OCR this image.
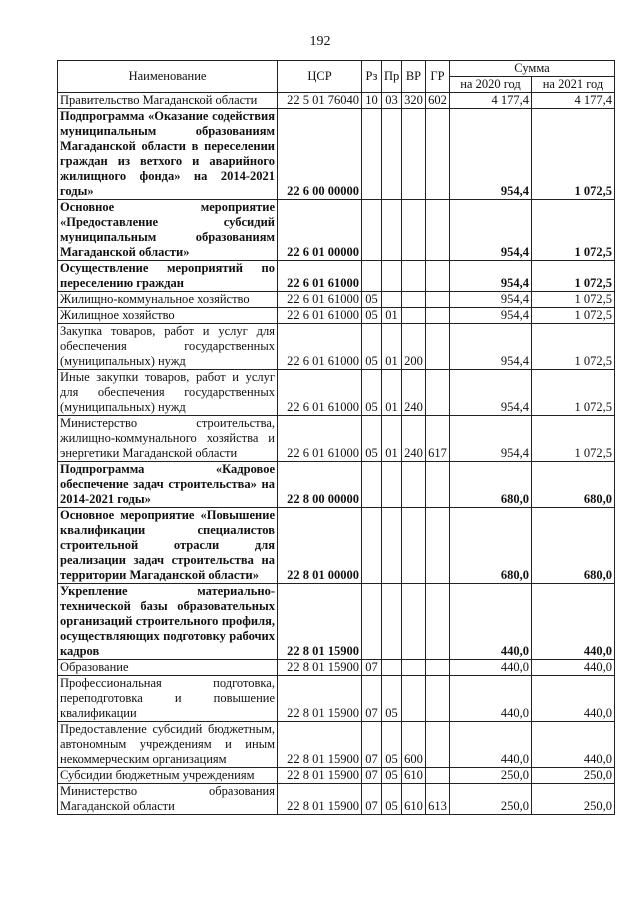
192
Наименование	ЦСР	Рз	Пр	ВР	ГР	Сумма	
						на 2020 год	на 2021 год
Правительство Магаданской области	22 5 01 76040	10	03	320	602	4 177,4	4 177,4
Подпрограмма «Оказание содействия муниципальным образованиям Магаданской области в переселении граждан из ветхого и аварийного жилищного фонда» на 2014-2021 годы»	22 6 00 00000					954,4	1 072,5
Основное мероприятие «Предоставление субсидий муниципальным образованиям Магаданской области»	22 6 01 00000					954,4	1 072,5
Осуществление мероприятий по переселению граждан	22 6 01 61000					954,4	1 072,5
Жилищно-коммунальное хозяйство	22 6 01 61000	05				954,4	1 072,5
Жилищное хозяйство	22 6 01 61000	05	01			954,4	1 072,5
Закупка товаров, работ и услуг для обеспечения государственных (муниципальных) нужд	22 6 01 61000	05	01	200		954,4	1 072,5
Иные закупки товаров, работ и услуг для обеспечения государственных (муниципальных) нужд	22 6 01 61000	05	01	240		954,4	1 072,5
Министерство строительства, жилищно-коммунального хозяйства и энергетики Магаданской области	22 6 01 61000	05	01	240	617	954,4	1 072,5
Подпрограмма «Кадровое обеспечение задач строительства» на 2014-2021 годы»	22 8 00 00000					680,0	680,0
Основное мероприятие «Повышение квалификации специалистов строительной отрасли для реализации задач строительства на территории Магаданской области»	22 8 01 00000					680,0	680,0
Укрепление материально-технической базы образовательных организаций строительного профиля, осуществляющих подготовку рабочих кадров	22 8 01 15900					440,0	440,0
Образование	22 8 01 15900	07				440,0	440,0
Профессиональная подготовка, переподготовка и повышение квалификации	22 8 01 15900	07	05			440,0	440,0
Предоставление субсидий бюджетным, автономным учреждениям и иным некоммерческим организациям	22 8 01 15900	07	05	600		440,0	440,0
Субсидии бюджетным учреждениям	22 8 01 15900	07	05	610		250,0	250,0
Министерство образования Магаданской области	22 8 01 15900	07	05	610	613	250,0	250,0
